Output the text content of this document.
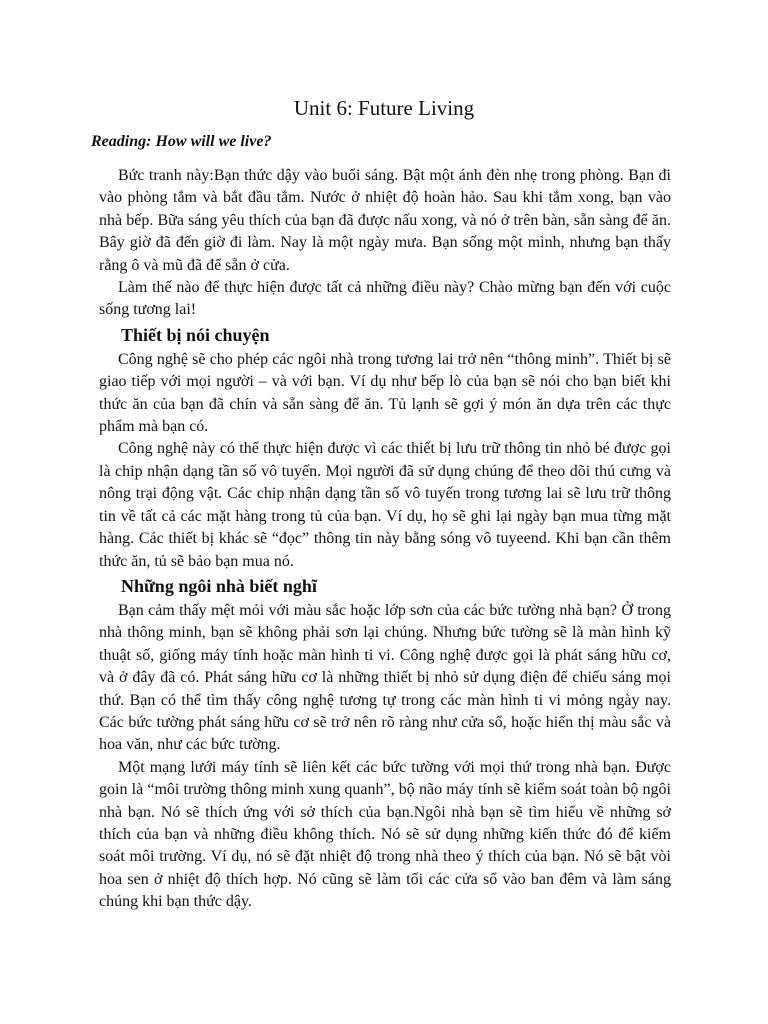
Unit 6: Future Living
Reading: How will we live?

Bức tranh này:Bạn thức dậy vào buổi sáng. Bật một ánh đèn nhẹ trong phòng. Bạn đi vào phòng tắm và bắt đầu tắm. Nước ở nhiệt độ hoàn hảo. Sau khi tắm xong, bạn vào nhà bếp. Bữa sáng yêu thích của bạn đã được nấu xong, và nó ở trên bàn, sẵn sàng để ăn. Bây giờ đã đến giờ đi làm. Nay là một ngày mưa. Bạn sống một mình, nhưng bạn thấy rằng ô và mũ đã để sẵn ở cửa.

Làm thế nào để thực hiện được tất cả những điều này? Chào mừng bạn đến với cuộc sống tương lai!

Thiết bị nói chuyện

Công nghệ sẽ cho phép các ngôi nhà trong tương lai trở nên “thông minh”. Thiết bị sẽ giao tiếp với mọi người – và với bạn. Ví dụ như bếp lò của bạn sẽ nói cho bạn biết khi thức ăn của bạn đã chín và sẵn sàng để ăn. Tủ lạnh sẽ gợi ý món ăn dựa trên các thực phẩm mà bạn có.

Công nghệ này có thể thực hiện được vì các thiết bị lưu trữ thông tin nhỏ bé được gọi là chip nhận dạng tần số vô tuyến. Mọi người đã sử dụng chúng để theo dõi thú cưng và nông trại động vật. Các chip nhận dạng tần số vô tuyến trong tương lai sẽ lưu trữ thông tin về tất cả các mặt hàng trong tủ của bạn. Ví dụ, họ sẽ ghi lại ngày bạn mua từng mặt hàng. Các thiết bị khác sẽ “đọc” thông tin này bằng sóng vô tuyeend. Khi bạn cần thêm thức ăn, tủ sẽ bảo bạn mua nó.

Những ngôi nhà biết nghĩ

Bạn cảm thấy mệt mỏi với màu sắc hoặc lớp sơn của các bức tường nhà bạn? Ở trong nhà thông minh, bạn sẽ không phải sơn lại chúng. Nhưng bức tường sẽ là màn hình kỹ thuật số, giống máy tính hoặc màn hình ti vi. Công nghệ được gọi là phát sáng hữu cơ, và ở đây đã có. Phát sáng hữu cơ là những thiết bị nhỏ sử dụng điện để chiếu sáng mọi thứ. Bạn có thể tìm thấy công nghệ tương tự trong các màn hình ti vi mỏng ngày nay. Các bức tường phát sáng hữu cơ sẽ trở nên rõ ràng như cửa sổ, hoặc hiển thị màu sắc và hoa văn, như các bức tường.

Một mạng lưới máy tính sẽ liên kết các bức tường với mọi thứ trong nhà bạn. Được goin là “môi trường thông minh xung quanh”, bộ não máy tính sẽ kiểm soát toàn bộ ngôi nhà bạn. Nó sẽ thích ứng với sở thích của bạn.Ngôi nhà bạn sẽ tìm hiểu về những sở thích của bạn và những điều không thích. Nó sẽ sử dụng những kiến thức đó để kiểm soát môi trường. Ví dụ, nó sẽ đặt nhiệt độ trong nhà theo ý thích của bạn. Nó sẽ bật vòi hoa sen ở nhiệt độ thích hợp. Nó cũng sẽ làm tối các cửa sổ vào ban đêm và làm sáng chúng khi bạn thức dậy.
